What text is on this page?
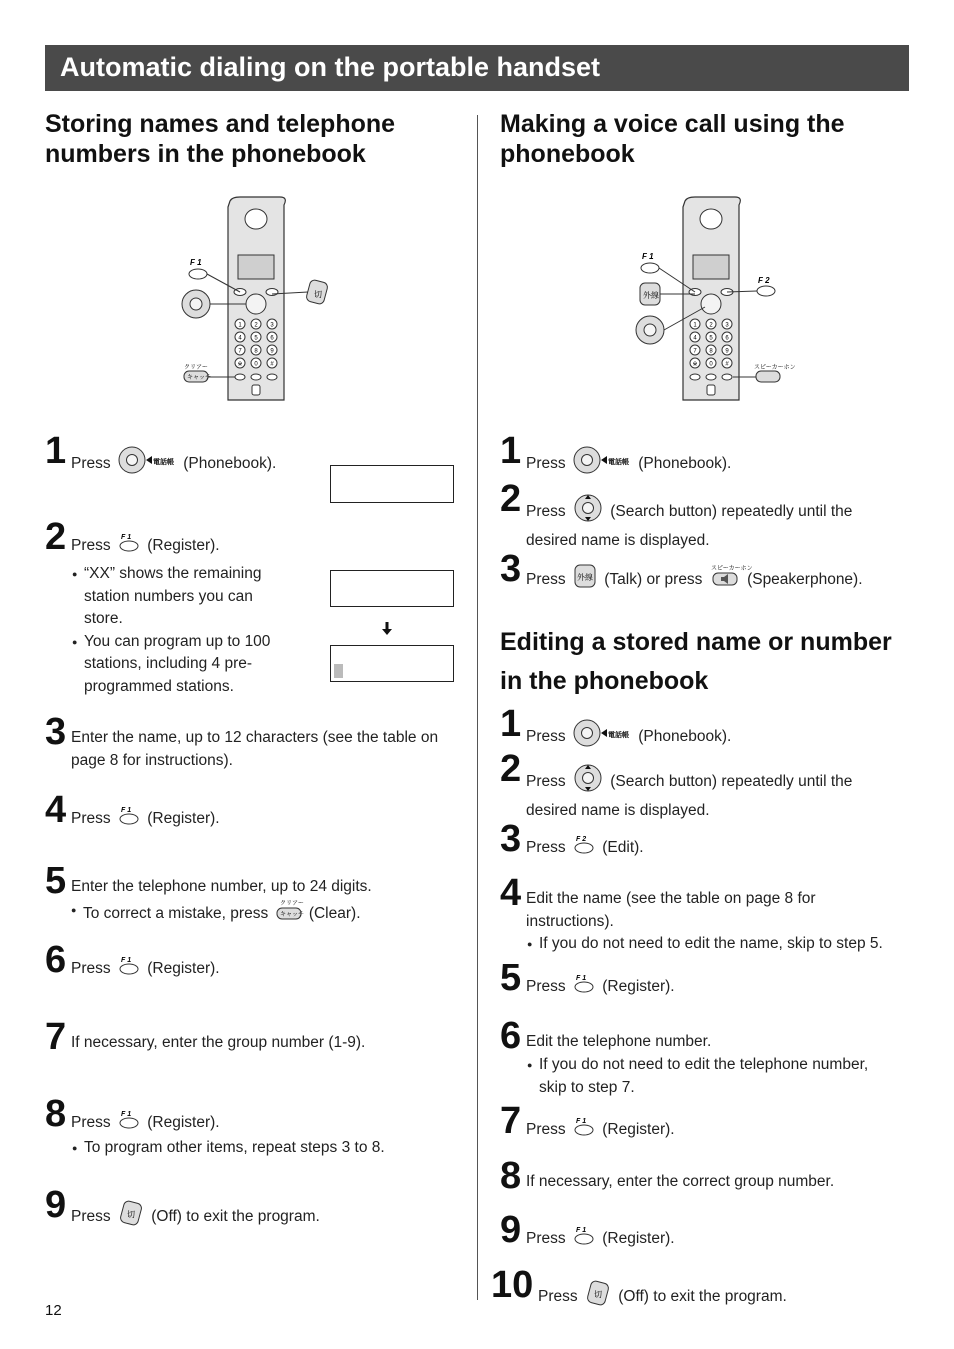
Automatic dialing on the portable handset
Storing names and telephone
numbers in the phonebook
1 2 3
4 5 6
7 8 9
※ 0 #
F 1
切
クリアー
キャッチ
1 2 3
4 5 6
7 8 9
※ 0 #
F 1
F 2
外線
スピーカーホン
1 Press	電話帳 (Phonebook).
2 Press F 1 (Register).
● “XX” shows the remaining
station numbers you can
store.
● You can program up to 100
stations, including 4 pre-
programmed stations.
3 Enter the name, up to 12 characters (see the table on
page 8 for instructions).
4 Press F 1 (Register).
5 Enter the telephone number, up to 24 digits.
● To correct a mistake, press
クリアー
キャッチ (Clear).
6 Press F 1 (Register).
7 If necessary, enter the group number (1-9).
8 Press F 1 (Register).
● To program other items, repeat steps 3 to 8.
9 Press 切 (Off) to exit the program.
Making a voice call using the
phonebook
1 Press	電話帳 (Phonebook).
2 Press	(Search button) repeatedly until the
desired name is displayed.
3 Press 外線 (Talk) or press
スピーカーホン
(Speakerphone).
Editing a stored name or number
in the phonebook
1 Press	電話帳 (Phonebook).
2 Press	(Search button) repeatedly until the
desired name is displayed.
3 Press F 2 (Edit).
4 Edit the name (see the table on page 8 for
instructions).
● If you do not need to edit the name, skip to step 5.
5 Press F 1 (Register).
6 Edit the telephone number.
● If you do not need to edit the telephone number,
skip to step 7.
7 Press F 1 (Register).
8 If necessary, enter the correct group number.
9 Press F 1 (Register).
10 Press 切 (Off) to exit the program.
12
